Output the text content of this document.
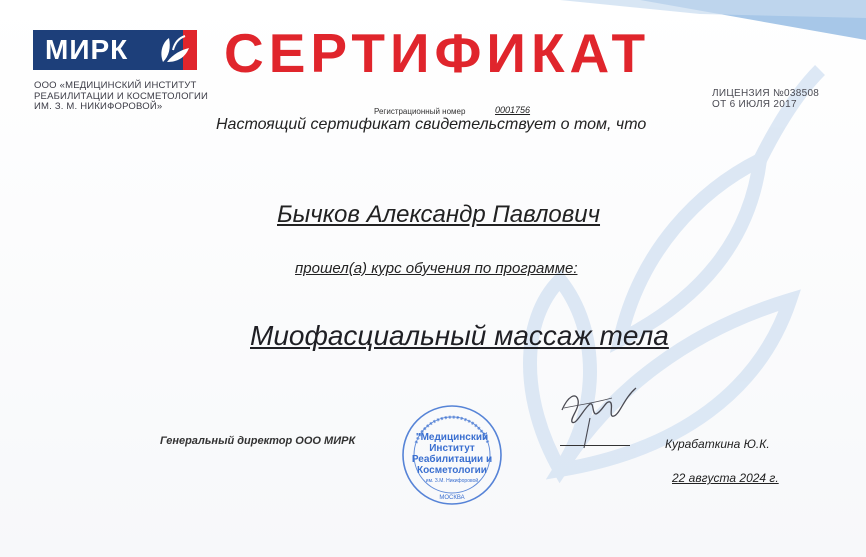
МИРК
ООО «МЕДИЦИНСКИЙ ИНСТИТУТ
РЕАБИЛИТАЦИИ И КОСМЕТОЛОГИИ
ИМ. З. М. НИКИФОРОВОЙ»
СЕРТИФИКАТ
ЛИЦЕНЗИЯ №038508
ОТ 6 ИЮЛЯ 2017
Регистрационный номер	0001756
Настоящий сертификат свидетельствует о том, что
Бычков Александр Павлович
прошел(а) курс обучения по программе:
Миофасциальный массаж тела
Генеральный директор ООО МИРК	"Медицинский
Институт
Реабилитации и
Косметологии
им. З.М. Никифоровой
МОСКВА
Курабаткина Ю.К.
22 августа 2024 г.
